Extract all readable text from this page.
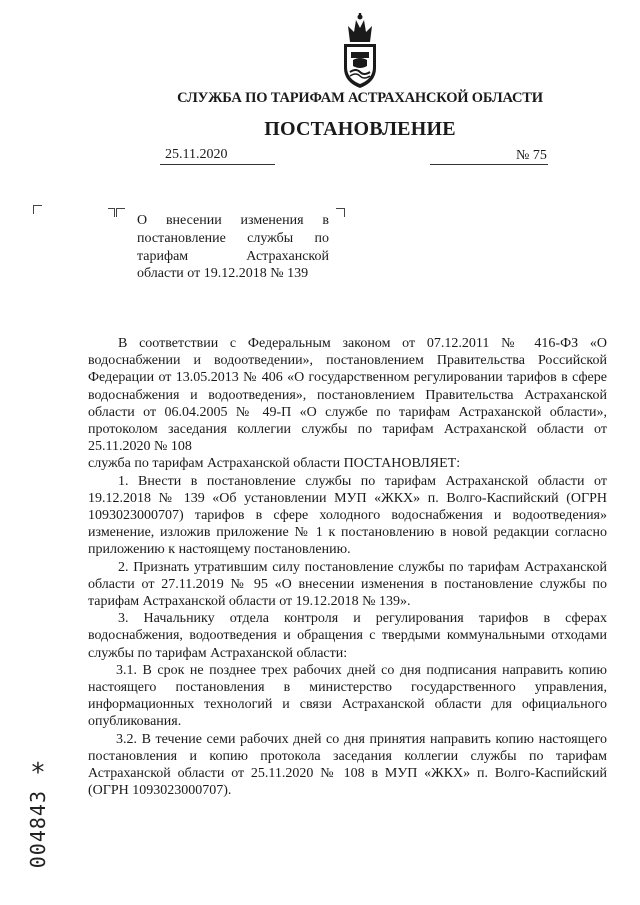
СЛУЖБА ПО ТАРИФАМ АСТРАХАНСКОЙ ОБЛАСТИ
ПОСТАНОВЛЕНИЕ
25.11.2020	№ 75
О внесении изменения в
постановление службы по
тарифам Астраханской
области от 19.12.2018 № 139

В соответствии с Федеральным законом от 07.12.2011 № 416-ФЗ «О водоснабжении и водоотведении», постановлением Правительства Российской Федерации от 13.05.2013 № 406 «О государственном регулировании тарифов в сфере водоснабжения и водоотведения», постановлением Правительства Астраханской области от 06.04.2005 № 49-П «О службе по тарифам Астраханской области», протоколом заседания коллегии службы по тарифам Астраханской области от 25.11.2020 № 108

служба по тарифам Астраханской области ПОСТАНОВЛЯЕТ:

1. Внести в постановление службы по тарифам Астраханской области от 19.12.2018 № 139 «Об установлении МУП «ЖКХ» п. Волго-Каспийский (ОГРН 1093023000707) тарифов в сфере холодного водоснабжения и водоотведения» изменение, изложив приложение № 1 к постановлению в новой редакции согласно приложению к настоящему постановлению.

2. Признать утратившим силу постановление службы по тарифам Астраханской области от 27.11.2019 № 95 «О внесении изменения в постановление службы по тарифам Астраханской области от 19.12.2018 № 139».

3. Начальнику отдела контроля и регулирования тарифов в сферах водоснабжения, водоотведения и обращения с твердыми коммунальными отходами службы по тарифам Астраханской области:

3.1. В срок не позднее трех рабочих дней со дня подписания направить копию настоящего постановления в министерство государственного управления, информационных технологий и связи Астраханской области для официального опубликования.

3.2. В течение семи рабочих дней со дня принятия направить копию настоящего постановления и копию протокола заседания коллегии службы по тарифам Астраханской области от 25.11.2020 № 108 в МУП «ЖКХ» п. Волго-Каспийский (ОГРН 1093023000707).

*
004843
